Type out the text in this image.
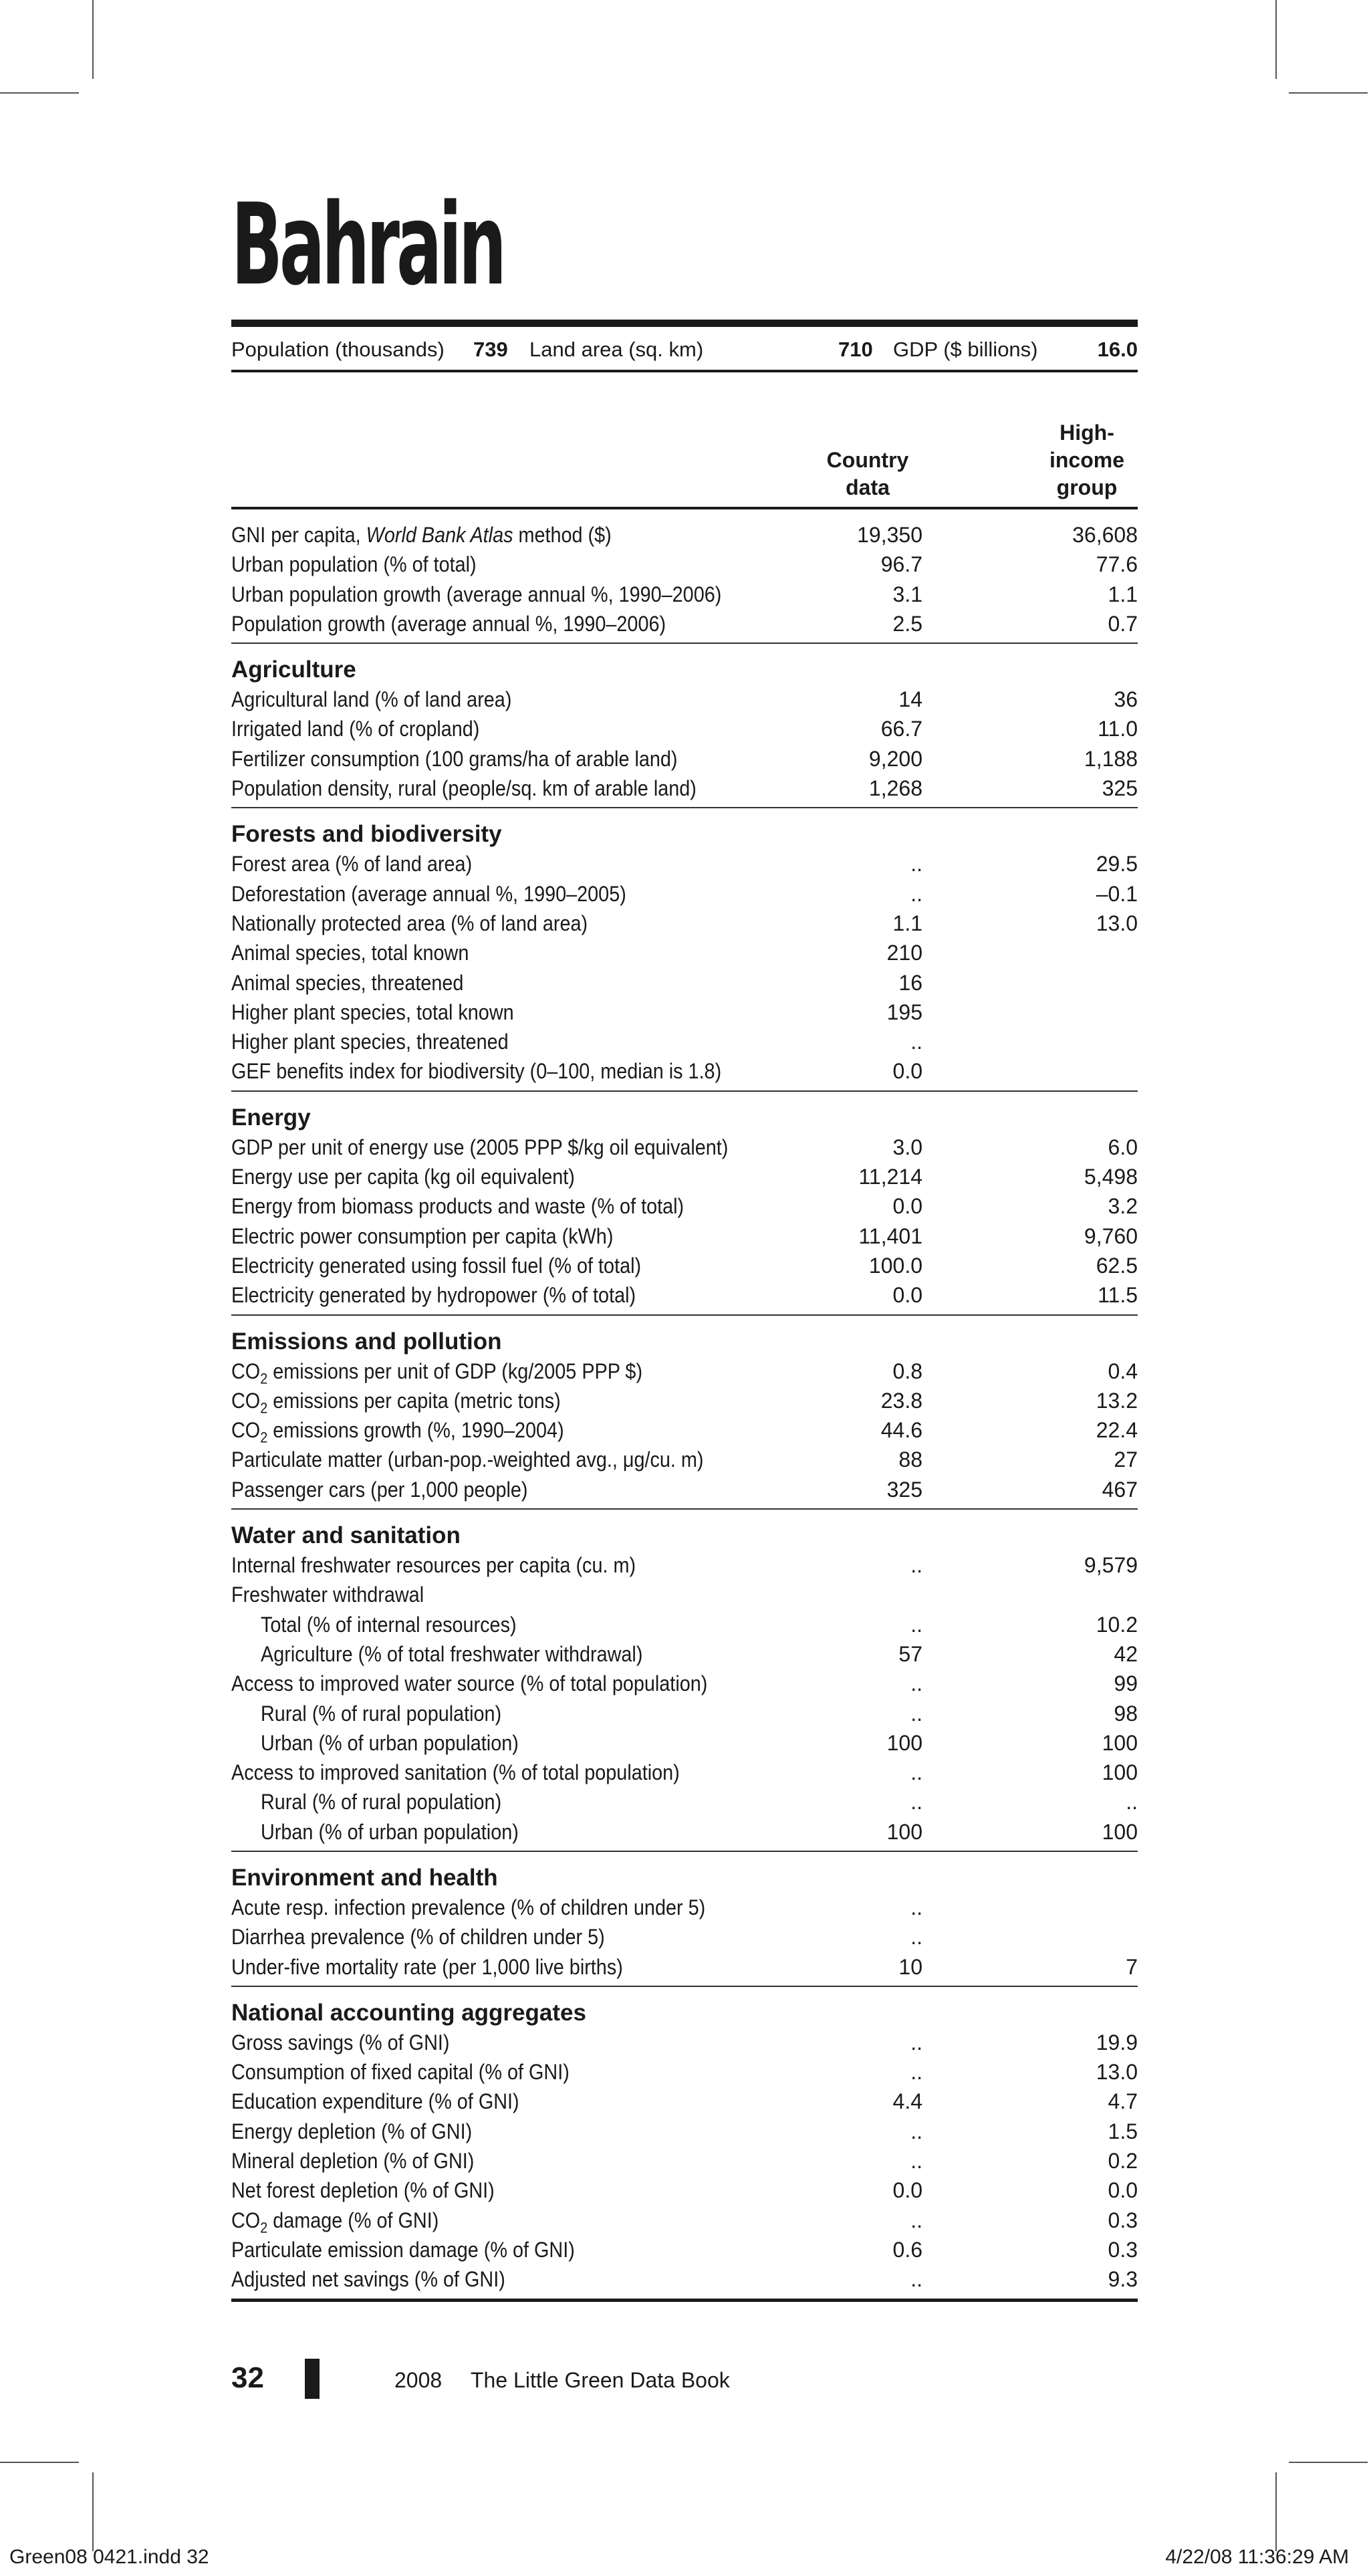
Bahrain
Population (thousands) 739 Land area (sq. km)	710 GDP ($ billions)	16.0
Country
data
High-
income
group
GNI per capita, World Bank Atlas method ($)	19,350	36,608
Urban population (% of total)	96.7	77.6
Urban population growth (average annual %, 1990–2006)	3.1	1.1
Population growth (average annual %, 1990–2006)	2.5	0.7
Agriculture
Agricultural land (% of land area)	14	36
Irrigated land (% of cropland)	66.7	11.0
Fertilizer consumption (100 grams/ha of arable land)	9,200	1,188
Population density, rural (people/sq. km of arable land)	1,268	325
Forests and biodiversity
Forest area (% of land area)	..	29.5
Deforestation (average annual %, 1990–2005)	..	–0.1
Nationally protected area (% of land area)	1.1	13.0
Animal species, total known	210
Animal species, threatened	16
Higher plant species, total known	195
Higher plant species, threatened	..
GEF benefits index for biodiversity (0–100, median is 1.8)	0.0
Energy
GDP per unit of energy use (2005 PPP $/kg oil equivalent)	3.0	6.0
Energy use per capita (kg oil equivalent)	11,214	5,498
Energy from biomass products and waste (% of total)	0.0	3.2
Electric power consumption per capita (kWh)	11,401	9,760
Electricity generated using fossil fuel (% of total)	100.0	62.5
Electricity generated by hydropower (% of total)	0.0	11.5
Emissions and pollution
$CO_2$ emissions per unit of GDP (kg/2005 PPP $)	0.8	0.4
$CO_2$ emissions per capita (metric tons)	23.8	13.2
$CO_2$ emissions growth (%, 1990–2004)	44.6	22.4
Particulate matter (urban-pop.-weighted avg., μg/cu. m)	88	27
Passenger cars (per 1,000 people)	325	467
Water and sanitation
Internal freshwater resources per capita (cu. m)	..	9,579
Freshwater withdrawal
Total (% of internal resources)	..	10.2
Agriculture (% of total freshwater withdrawal)	57	42
Access to improved water source (% of total population)	..	99
Rural (% of rural population)	..	98
Urban (% of urban population)	100	100
Access to improved sanitation (% of total population)	..	100
Rural (% of rural population)	..	..
Urban (% of urban population)	100	100
Environment and health
Acute resp. infection prevalence (% of children under 5)	..
Diarrhea prevalence (% of children under 5)	..
Under-five mortality rate (per 1,000 live births)	10	7
National accounting aggregates
Gross savings (% of GNI)	..	19.9
Consumption of fixed capital (% of GNI)	..	13.0
Education expenditure (% of GNI)	4.4	4.7
Energy depletion (% of GNI)	..	1.5
Mineral depletion (% of GNI)	..	0.2
Net forest depletion (% of GNI)	0.0	0.0
$CO_2$ damage (% of GNI)	..	0.3
Particulate emission damage (% of GNI)	0.6	0.3
Adjusted net savings (% of GNI)	..	9.3
32	2008 The Little Green Data Book
Green08 0421.indd 32	4/22/08 11:36:29 AM
